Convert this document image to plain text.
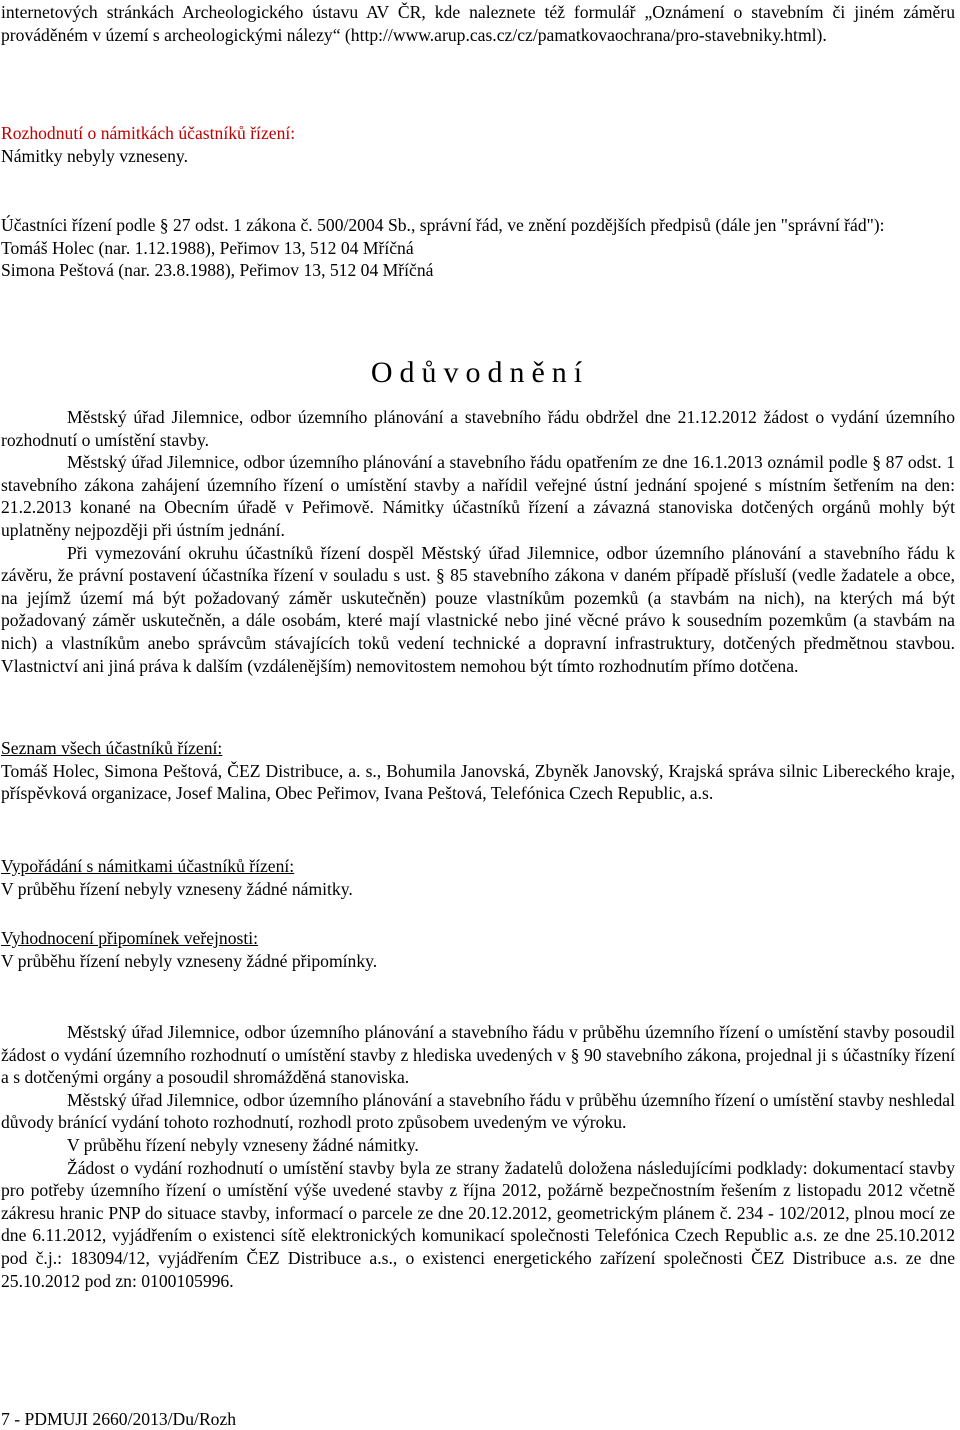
internetových stránkách Archeologického ústavu AV ČR, kde naleznete též formulář „Oznámení o stavebním či jiném záměru prováděném v území s archeologickými nálezy“ (http://www.arup.cas.cz/cz/pamatkovaochrana/pro-stavebniky.html).

Rozhodnutí o námitkách účastníků řízení:

Námitky nebyly vzneseny.

Účastníci řízení podle § 27 odst. 1 zákona č. 500/2004 Sb., správní řád, ve znění pozdějších předpisů (dále jen "správní řád"):

Tomáš Holec (nar. 1.12.1988), Peřimov 13, 512 04 Mříčná

Simona Peštová (nar. 23.8.1988), Peřimov 13, 512 04 Mříčná

Odůvodnění

Městský úřad Jilemnice, odbor územního plánování a stavebního řádu obdržel dne 21.12.2012 žádost o vydání územního rozhodnutí o umístění stavby.

Městský úřad Jilemnice, odbor územního plánování a stavebního řádu opatřením ze dne 16.1.2013 oznámil podle § 87 odst. 1 stavebního zákona zahájení územního řízení o umístění stavby a nařídil veřejné ústní jednání spojené s místním šetřením na den: 21.2.2013 konané na Obecním úřadě v Peřimově. Námitky účastníků řízení a závazná stanoviska dotčených orgánů mohly být uplatněny nejpozději při ústním jednání.

Při vymezování okruhu účastníků řízení dospěl Městský úřad Jilemnice, odbor územního plánování a stavebního řádu k závěru, že právní postavení účastníka řízení v souladu s ust. § 85 stavebního zákona v daném případě přísluší (vedle žadatele a obce, na jejímž území má být požadovaný záměr uskutečněn) pouze vlastníkům pozemků (a stavbám na nich), na kterých má být požadovaný záměr uskutečněn, a dále osobám, které mají vlastnické nebo jiné věcné právo k sousedním pozemkům (a stavbám na nich) a vlastníkům anebo správcům stávajících toků vedení technické a dopravní infrastruktury, dotčených předmětnou stavbou. Vlastnictví ani jiná práva k dalším (vzdálenějším) nemovitostem nemohou být tímto rozhodnutím přímo dotčena.

Seznam všech účastníků řízení:

Tomáš Holec, Simona Peštová, ČEZ Distribuce, a. s., Bohumila Janovská, Zbyněk Janovský, Krajská správa silnic Libereckého kraje, příspěvková organizace, Josef Malina, Obec Peřimov, Ivana Peštová, Telefónica Czech Republic, a.s.

Vypořádání s námitkami účastníků řízení:

V průběhu řízení nebyly vzneseny žádné námitky.

Vyhodnocení připomínek veřejnosti:

V průběhu řízení nebyly vzneseny žádné připomínky.

Městský úřad Jilemnice, odbor územního plánování a stavebního řádu v průběhu územního řízení o umístění stavby posoudil žádost o vydání územního rozhodnutí o umístění stavby z hlediska uvedených v § 90 stavebního zákona, projednal ji s účastníky řízení a s dotčenými orgány a posoudil shromážděná stanoviska.

Městský úřad Jilemnice, odbor územního plánování a stavebního řádu v průběhu územního řízení o umístění stavby neshledal důvody bránící vydání tohoto rozhodnutí, rozhodl proto způsobem uvedeným ve výroku.

V průběhu řízení nebyly vzneseny žádné námitky.

Žádost o vydání rozhodnutí o umístění stavby byla ze strany žadatelů doložena následujícími podklady: dokumentací stavby pro potřeby územního řízení o umístění výše uvedené stavby z října 2012, požárně bezpečnostním řešením z listopadu 2012 včetně zákresu hranic PNP do situace stavby, informací o parcele ze dne 20.12.2012, geometrickým plánem č. 234 - 102/2012, plnou mocí ze dne 6.11.2012, vyjádřením o existenci sítě elektronických komunikací společnosti Telefónica Czech Republic a.s. ze dne 25.10.2012 pod č.j.: 183094/12, vyjádřením ČEZ Distribuce a.s., o existenci energetického zařízení společnosti ČEZ Distribuce a.s. ze dne 25.10.2012 pod zn: 0100105996.

7 - PDMUJI 2660/2013/Du/Rozh
